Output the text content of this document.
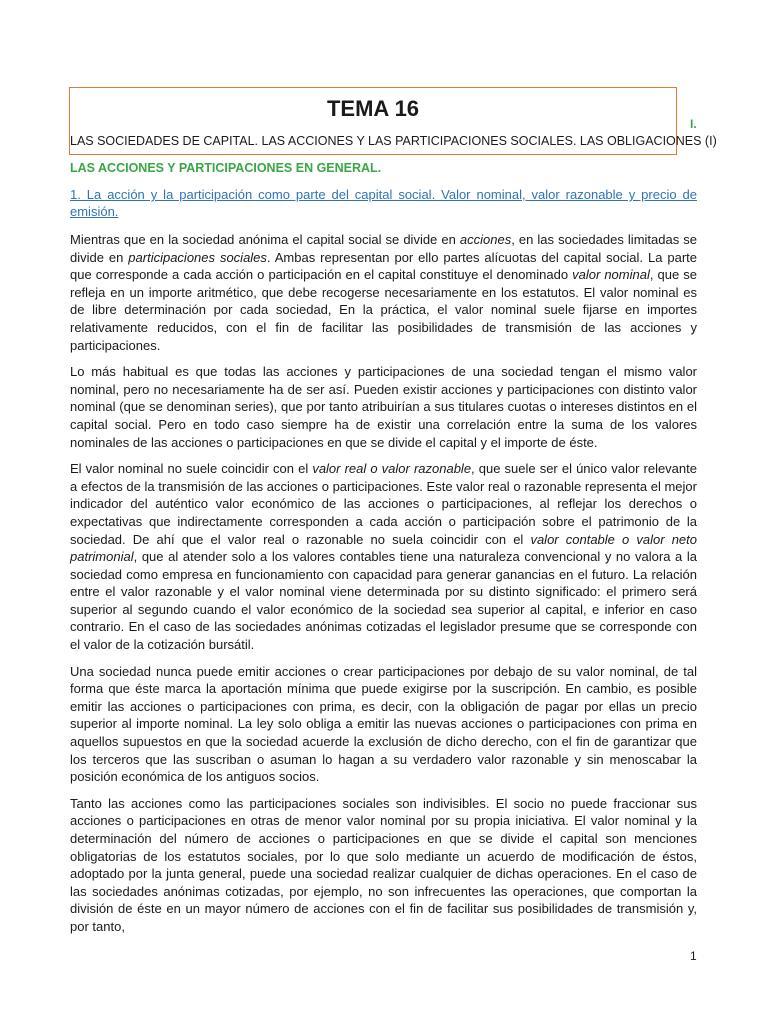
TEMA 16
LAS SOCIEDADES DE CAPITAL. LAS ACCIONES Y LAS PARTICIPACIONES SOCIALES. LAS OBLIGACIONES (I)
I.
LAS ACCIONES Y PARTICIPACIONES EN GENERAL.
1. La acción y la participación como parte del capital social. Valor nominal, valor razonable y precio de emisión.

Mientras que en la sociedad anónima el capital social se divide en acciones, en las sociedades limitadas se divide en participaciones sociales. Ambas representan por ello partes alícuotas del capital social. La parte que corresponde a cada acción o participación en el capital constituye el denominado valor nominal, que se refleja en un importe aritmético, que debe recogerse necesariamente en los estatutos. El valor nominal es de libre determinación por cada sociedad, En la práctica, el valor nominal suele fijarse en importes relativamente reducidos, con el fin de facilitar las posibilidades de transmisión de las acciones y participaciones.

Lo más habitual es que todas las acciones y participaciones de una sociedad tengan el mismo valor nominal, pero no necesariamente ha de ser así. Pueden existir acciones y participaciones con distinto valor nominal (que se denominan series), que por tanto atribuirían a sus titulares cuotas o intereses distintos en el capital social. Pero en todo caso siempre ha de existir una correlación entre la suma de los valores nominales de las acciones o participaciones en que se divide el capital y el importe de éste.

El valor nominal no suele coincidir con el valor real o valor razonable, que suele ser el único valor relevante a efectos de la transmisión de las acciones o participaciones. Este valor real o razonable representa el mejor indicador del auténtico valor económico de las acciones o participaciones, al reflejar los derechos o expectativas que indirectamente corresponden a cada acción o participación sobre el patrimonio de la sociedad. De ahí que el valor real o razonable no suela coincidir con el valor contable o valor neto patrimonial, que al atender solo a los valores contables tiene una naturaleza convencional y no valora a la sociedad como empresa en funcionamiento con capacidad para generar ganancias en el futuro. La relación entre el valor razonable y el valor nominal viene determinada por su distinto significado: el primero será superior al segundo cuando el valor económico de la sociedad sea superior al capital, e inferior en caso contrario. En el caso de las sociedades anónimas cotizadas el legislador presume que se corresponde con el valor de la cotización bursátil.

Una sociedad nunca puede emitir acciones o crear participaciones por debajo de su valor nominal, de tal forma que éste marca la aportación mínima que puede exigirse por la suscripción. En cambio, es posible emitir las acciones o participaciones con prima, es decir, con la obligación de pagar por ellas un precio superior al importe nominal. La ley solo obliga a emitir las nuevas acciones o participaciones con prima en aquellos supuestos en que la sociedad acuerde la exclusión de dicho derecho, con el fin de garantizar que los terceros que las suscriban o asuman lo hagan a su verdadero valor razonable y sin menoscabar la posición económica de los antiguos socios.

Tanto las acciones como las participaciones sociales son indivisibles. El socio no puede fraccionar sus acciones o participaciones en otras de menor valor nominal por su propia iniciativa. El valor nominal y la determinación del número de acciones o participaciones en que se divide el capital son menciones obligatorias de los estatutos sociales, por lo que solo mediante un acuerdo de modificación de éstos, adoptado por la junta general, puede una sociedad realizar cualquier de dichas operaciones. En el caso de las sociedades anónimas cotizadas, por ejemplo, no son infrecuentes las operaciones, que comportan la división de éste en un mayor número de acciones con el fin de facilitar sus posibilidades de transmisión y, por tanto,

1
